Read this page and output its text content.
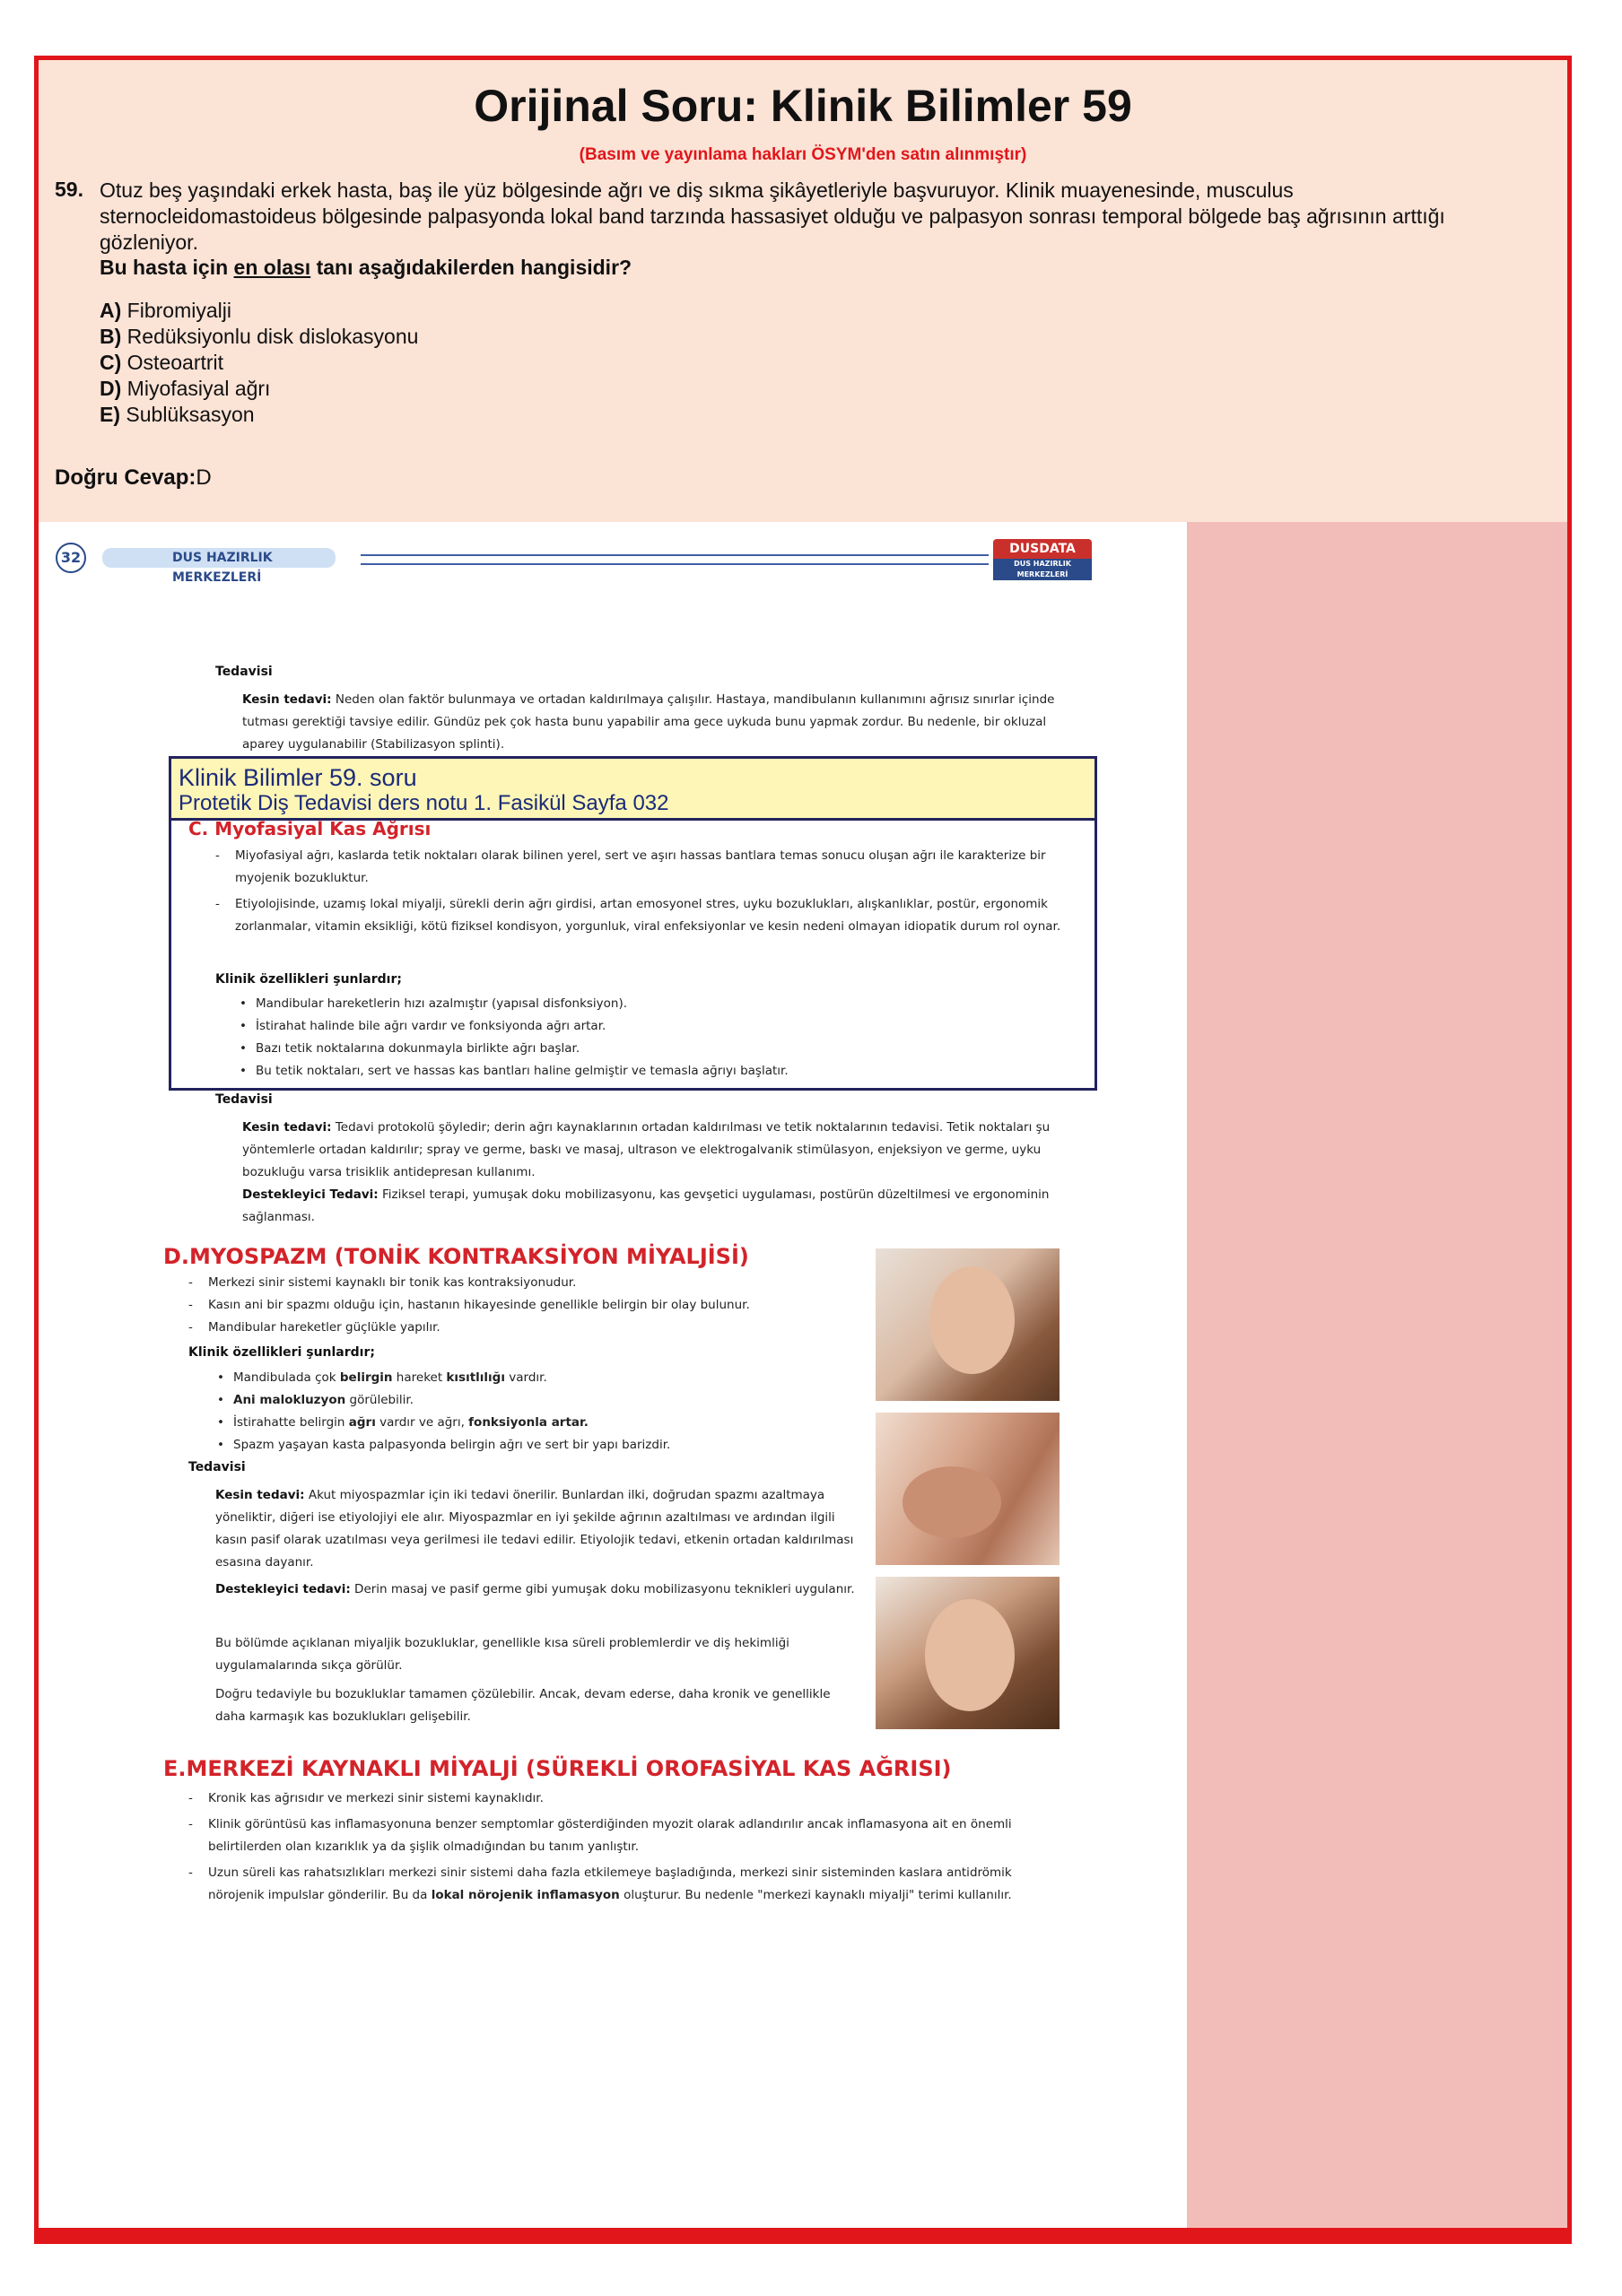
Orijinal Soru: Klinik Bilimler 59
(Basım ve yayınlama hakları ÖSYM'den satın alınmıştır)
59. Otuz beş yaşındaki erkek hasta, baş ile yüz bölgesinde ağrı ve diş sıkma şikâyetleriyle başvuruyor. Klinik muayenesinde, musculus sternocleidomastoideus bölgesinde palpasyonda lokal band tarzında hassasiyet olduğu ve palpasyon sonrası temporal bölgede baş ağrısının arttığı gözleniyor.
Bu hasta için en olası tanı aşağıdakilerden hangisidir?
A) Fibromiyalji
B) Redüksiyonlu disk dislokasyonu
C) Osteoartrit
D) Miyofasiyal ağrı
E) Sublüksasyon
Doğru Cevap:D
32	DUS HAZIRLIK MERKEZLERİ
DUSDATA
DUS HAZIRLIK MERKEZLERİ
Tedavisi
Kesin tedavi: Neden olan faktör bulunmaya ve ortadan kaldırılmaya çalışılır. Hastaya, mandibulanın kullanımını ağrısız sınırlar içinde tutması gerektiği tavsiye edilir. Gündüz pek çok hasta bunu yapabilir ama gece uykuda bunu yapmak zordur. Bu nedenle, bir okluzal aparey uygulanabilir (Stabilizasyon splinti).
Klinik Bilimler 59. soru
Protetik Diş Tedavisi ders notu 1. Fasikül Sayfa 032
C. Myofasiyal Kas Ağrısı
- Miyofasiyal ağrı, kaslarda tetik noktaları olarak bilinen yerel, sert ve aşırı hassas bantlara temas sonucu oluşan ağrı ile karakterize bir myojenik bozukluktur.
- Etiyolojisinde, uzamış lokal miyalji, sürekli derin ağrı girdisi, artan emosyonel stres, uyku bozuklukları, alışkanlıklar, postür, ergonomik zorlanmalar, vitamin eksikliği, kötü fiziksel kondisyon, yorgunluk, viral enfeksiyonlar ve kesin nedeni olmayan idiopatik durum rol oynar.
Klinik özellikleri şunlardır;
• Mandibular hareketlerin hızı azalmıştır (yapısal disfonksiyon).
• İstirahat halinde bile ağrı vardır ve fonksiyonda ağrı artar.
• Bazı tetik noktalarına dokunmayla birlikte ağrı başlar.
• Bu tetik noktaları, sert ve hassas kas bantları haline gelmiştir ve temasla ağrıyı başlatır.
Tedavisi
Kesin tedavi: Tedavi protokolü şöyledir; derin ağrı kaynaklarının ortadan kaldırılması ve tetik noktalarının tedavisi. Tetik noktaları şu yöntemlerle ortadan kaldırılır; spray ve germe, baskı ve masaj, ultrason ve elektrogalvanik stimülasyon, enjeksiyon ve germe, uyku bozukluğu varsa trisiklik antidepresan kullanımı.
Destekleyici Tedavi: Fiziksel terapi, yumuşak doku mobilizasyonu, kas gevşetici uygulaması, postürün düzeltilmesi ve ergonominin sağlanması.
D.MYOSPAZM (TONİK KONTRAKSİYON MİYALJİSİ)
- Merkezi sinir sistemi kaynaklı bir tonik kas kontraksiyonudur.
- Kasın ani bir spazmı olduğu için, hastanın hikayesinde genellikle belirgin bir olay bulunur.
- Mandibular hareketler güçlükle yapılır.
Klinik özellikleri şunlardır;
• Mandibulada çok belirgin hareket kısıtlılığı vardır.
• Ani malokluzyon görülebilir.
• İstirahatte belirgin ağrı vardır ve ağrı, fonksiyonla artar.
• Spazm yaşayan kasta palpasyonda belirgin ağrı ve sert bir yapı barizdir.
Tedavisi
Kesin tedavi: Akut miyospazmlar için iki tedavi önerilir. Bunlardan ilki, doğrudan spazmı azaltmaya yöneliktir, diğeri ise etiyolojiyi ele alır. Miyospazmlar en iyi şekilde ağrının azaltılması ve ardından ilgili kasın pasif olarak uzatılması veya gerilmesi ile tedavi edilir. Etiyolojik tedavi, etkenin ortadan kaldırılması esasına dayanır.
Destekleyici tedavi: Derin masaj ve pasif germe gibi yumuşak doku mobilizasyonu teknikleri uygulanır.
Bu bölümde açıklanan miyaljik bozukluklar, genellikle kısa süreli problemlerdir ve diş hekimliği uygulamalarında sıkça görülür.
Doğru tedaviyle bu bozukluklar tamamen çözülebilir. Ancak, devam ederse, daha kronik ve genellikle daha karmaşık kas bozuklukları gelişebilir.
E.MERKEZİ KAYNAKLI MİYALJİ (SÜREKLİ OROFASİYAL KAS AĞRISI)
- Kronik kas ağrısıdır ve merkezi sinir sistemi kaynaklıdır.
- Klinik görüntüsü kas inflamasyonuna benzer semptomlar gösterdiğinden myozit olarak adlandırılır ancak inflamasyona ait en önemli belirtilerden olan kızarıklık ya da şişlik olmadığından bu tanım yanlıştır.
- Uzun süreli kas rahatsızlıkları merkezi sinir sistemi daha fazla etkilemeye başladığında, merkezi sinir sisteminden kaslara antidrömik nörojenik impulslar gönderilir. Bu da lokal nörojenik inflamasyon oluşturur. Bu nedenle "merkezi kaynaklı miyalji" terimi kullanılır.
